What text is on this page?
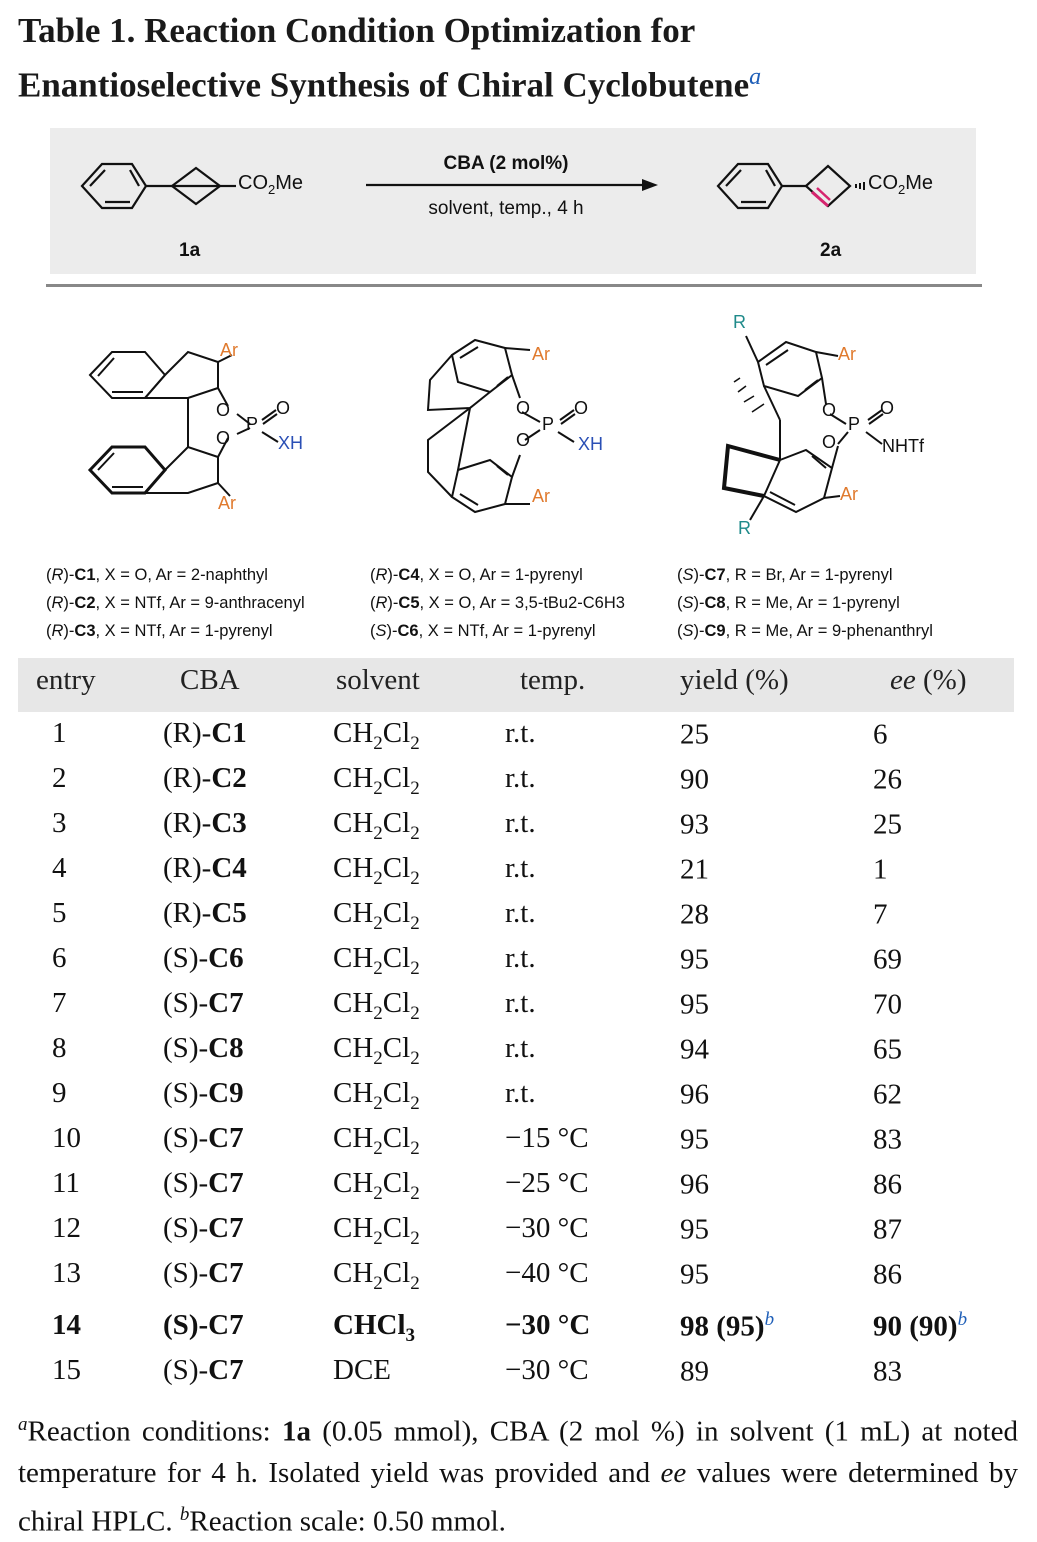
Table 1. Reaction Condition Optimization for
Enantioselective Synthesis of Chiral Cyclobutene$^a$
$CO_2Me$
1a
CBA (2 mol%)
solvent, temp., 4 h
$CO_2Me$
2a
Ar
Ar
O
O
P
O
XH
Ar
Ar
O
O
P
O
XH
R
R
Ar
Ar
O
O
P
O
NHTf
(R)-C1, X = O, Ar = 2-naphthyl
(R)-C2, X = NTf, Ar = 9-anthracenyl
(R)-C3, X = NTf, Ar = 1-pyrenyl
(R)-C4, X = O, Ar = 1-pyrenyl
(R)-C5, X = O, Ar = 3,5-tBu2-C6H3
(S)-C6, X = NTf, Ar = 1-pyrenyl
(S)-C7, R = Br, Ar = 1-pyrenyl
(S)-C8, R = Me, Ar = 1-pyrenyl
(S)-C9, R = Me, Ar = 9-phenanthryl
entry	CBA	solvent	temp.	yield (%)	ee (%)
1	(R)-C1	$CH_2Cl_2$	r.t.	25	6
2	(R)-C2	$CH_2Cl_2$	r.t.	90	26
3	(R)-C3	$CH_2Cl_2$	r.t.	93	25
4	(R)-C4	$CH_2Cl_2$	r.t.	21	1
5	(R)-C5	$CH_2Cl_2$	r.t.	28	7
6	(S)-C6	$CH_2Cl_2$	r.t.	95	69
7	(S)-C7	$CH_2Cl_2$	r.t.	95	70
8	(S)-C8	$CH_2Cl_2$	r.t.	94	65
9	(S)-C9	$CH_2Cl_2$	r.t.	96	62
10	(S)-C7	$CH_2Cl_2$	−15 °C	95	83
11	(S)-C7	$CH_2Cl_2$	−25 °C	96	86
12	(S)-C7	$CH_2Cl_2$	−30 °C	95	87
13	(S)-C7	$CH_2Cl_2$	−40 °C	95	86
14	(S)-C7	CHCl$_3$	−30 °C	98 $(95)^b$	90 $(90)^b$
15	(S)-C7	DCE	−30 °C	89	83
$^a$Reaction conditions: 1a (0.05 mmol), CBA (2 mol %) in solvent (1 mL) at noted temperature for 4 h. Isolated yield was provided and ee values were determined by chiral HPLC. $^b$Reaction scale: 0.50 mmol.
